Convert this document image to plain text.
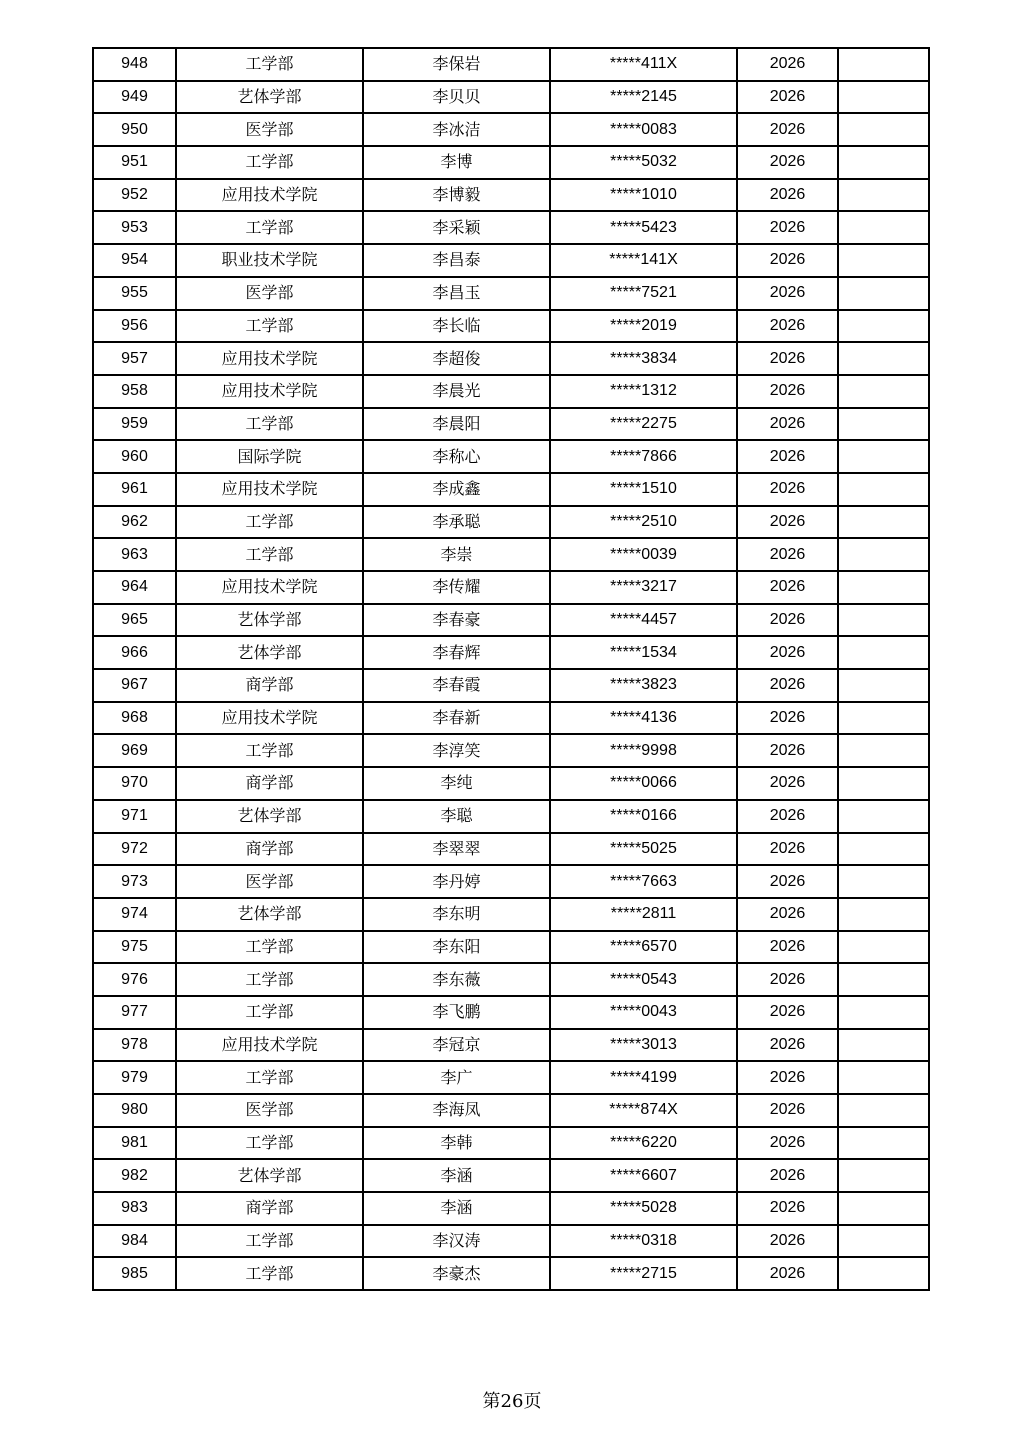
948	工学部	李保岩	*****411X	2026	
949	艺体学部	李贝贝	*****2145	2026	
950	医学部	李冰洁	*****0083	2026	
951	工学部	李博	*****5032	2026	
952	应用技术学院	李博毅	*****1010	2026	
953	工学部	李采颖	*****5423	2026	
954	职业技术学院	李昌泰	*****141X	2026	
955	医学部	李昌玉	*****7521	2026	
956	工学部	李长临	*****2019	2026	
957	应用技术学院	李超俊	*****3834	2026	
958	应用技术学院	李晨光	*****1312	2026	
959	工学部	李晨阳	*****2275	2026	
960	国际学院	李称心	*****7866	2026	
961	应用技术学院	李成鑫	*****1510	2026	
962	工学部	李承聪	*****2510	2026	
963	工学部	李崇	*****0039	2026	
964	应用技术学院	李传耀	*****3217	2026	
965	艺体学部	李春豪	*****4457	2026	
966	艺体学部	李春辉	*****1534	2026	
967	商学部	李春霞	*****3823	2026	
968	应用技术学院	李春新	*****4136	2026	
969	工学部	李淳笑	*****9998	2026	
970	商学部	李纯	*****0066	2026	
971	艺体学部	李聪	*****0166	2026	
972	商学部	李翠翠	*****5025	2026	
973	医学部	李丹婷	*****7663	2026	
974	艺体学部	李东明	*****2811	2026	
975	工学部	李东阳	*****6570	2026	
976	工学部	李东薇	*****0543	2026	
977	工学部	李飞鹏	*****0043	2026	
978	应用技术学院	李冠京	*****3013	2026	
979	工学部	李广	*****4199	2026	
980	医学部	李海凤	*****874X	2026	
981	工学部	李韩	*****6220	2026	
982	艺体学部	李涵	*****6607	2026	
983	商学部	李涵	*****5028	2026	
984	工学部	李汉涛	*****0318	2026	
985	工学部	李豪杰	*****2715	2026	
第26页
